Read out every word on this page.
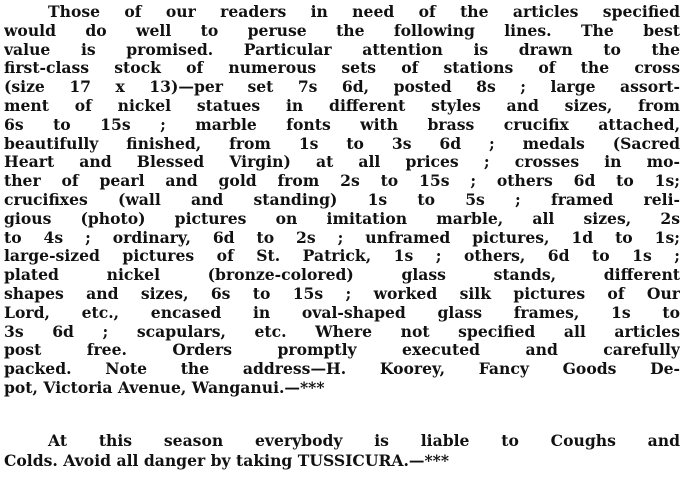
Those of our readers in need of the articles specified
would do well to peruse the following lines. The best
value is promised. Particular attention is drawn to the
first-class stock of numerous sets of stations of the cross
(size 17 x 13)—per set 7s 6d, posted 8s ; large assort-
ment of nickel statues in different styles and sizes, from
6s to 15s ; marble fonts with brass crucifix attached,
beautifully finished, from 1s to 3s 6d ; medals (Sacred
Heart and Blessed Virgin) at all prices ; crosses in mo-
ther of pearl and gold from 2s to 15s ; others 6d to 1s;
crucifixes (wall and standing) 1s to 5s ; framed reli-
gious (photo) pictures on imitation marble, all sizes, 2s
to 4s ; ordinary, 6d to 2s ; unframed pictures, 1d to 1s;
large-sized pictures of St. Patrick, 1s ; others, 6d to 1s ;
plated nickel (bronze-colored) glass stands, different
shapes and sizes, 6s to 15s ; worked silk pictures of Our
Lord, etc., encased in oval-shaped glass frames, 1s to
3s 6d ; scapulars, etc. Where not specified all articles
post free. Orders promptly executed and carefully
packed. Note the address—H. Koorey, Fancy Goods De-
pot, Victoria Avenue, Wanganui.—***
At this season everybody is liable to Coughs and
Colds. Avoid all danger by taking TUSSICURA.—***
